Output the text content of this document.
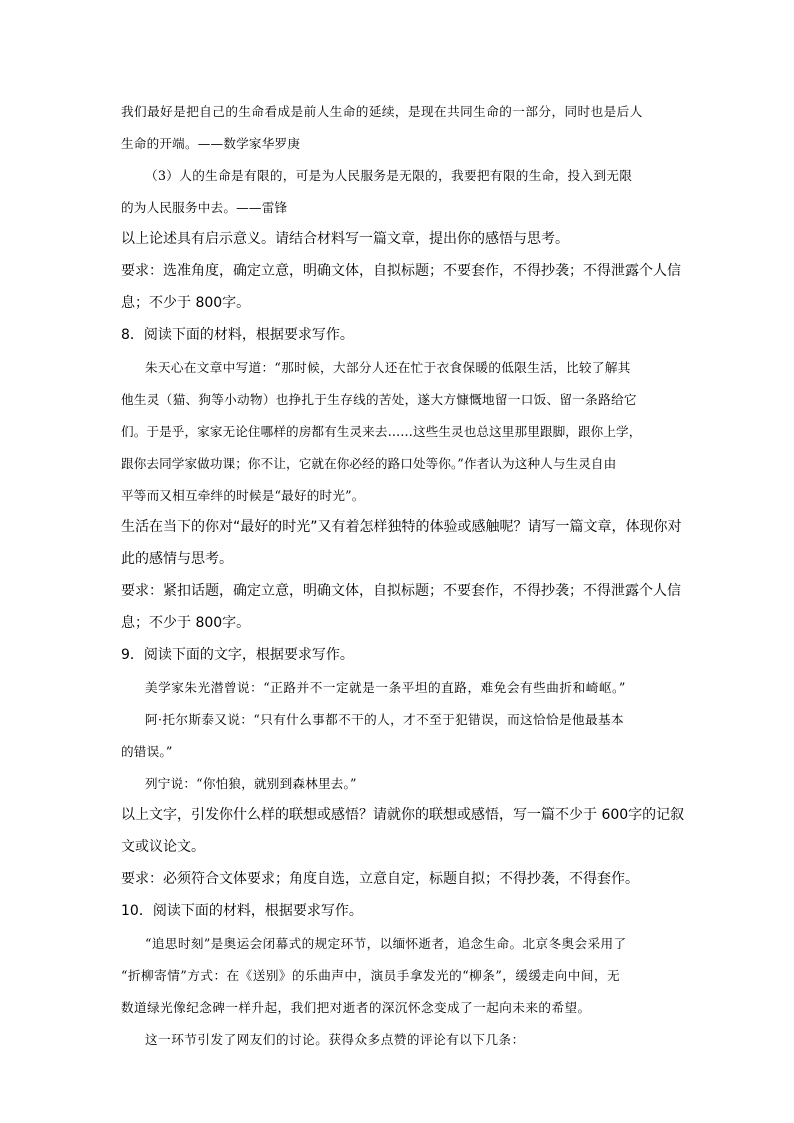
我们最好是把自己的生命看成是前人生命的延续，是现在共同生命的一部分，同时也是后人
生命的开端。——数学家华罗庚
（3）人的生命是有限的，可是为人民服务是无限的，我要把有限的生命，投入到无限
的为人民服务中去。——雷锋
以上论述具有启示意义。请结合材料写一篇文章，提出你的感悟与思考。
要求：选准角度，确定立意，明确文体，自拟标题；不要套作，不得抄袭；不得泄露个人信
息；不少于 800字。
8．阅读下面的材料，根据要求写作。
朱天心在文章中写道：“那时候，大部分人还在忙于衣食保暖的低限生活，比较了解其
他生灵（猫、狗等小动物）也挣扎于生存线的苦处，遂大方慷慨地留一口饭、留一条路给它
们。于是乎，家家无论住哪样的房都有生灵来去……这些生灵也总这里那里跟脚，跟你上学，
跟你去同学家做功课；你不让，它就在你必经的路口处等你。”作者认为这种人与生灵自由
平等而又相互牵绊的时候是“最好的时光”。
生活在当下的你对“最好的时光”又有着怎样独特的体验或感触呢？请写一篇文章，体现你对
此的感情与思考。
要求：紧扣话题，确定立意，明确文体，自拟标题；不要套作，不得抄袭；不得泄露个人信
息；不少于 800字。
9．阅读下面的文字，根据要求写作。
美学家朱光潜曾说：“正路并不一定就是一条平坦的直路，难免会有些曲折和崎岖。”
阿·托尔斯泰又说：“只有什么事都不干的人，才不至于犯错误，而这恰恰是他最基本
的错误。”
列宁说：“你怕狼，就别到森林里去。”
以上文字，引发你什么样的联想或感悟？请就你的联想或感悟，写一篇不少于 600字的记叙
文或议论文。
要求：必须符合文体要求；角度自选，立意自定，标题自拟；不得抄袭，不得套作。
10．阅读下面的材料，根据要求写作。
“追思时刻”是奥运会闭幕式的规定环节，以缅怀逝者，追念生命。北京冬奥会采用了
“折柳寄情”方式：在《送别》的乐曲声中，演员手拿发光的“柳条”，缓缓走向中间，无
数道绿光像纪念碑一样升起，我们把对逝者的深沉怀念变成了一起向未来的希望。
这一环节引发了网友们的讨论。获得众多点赞的评论有以下几条：
